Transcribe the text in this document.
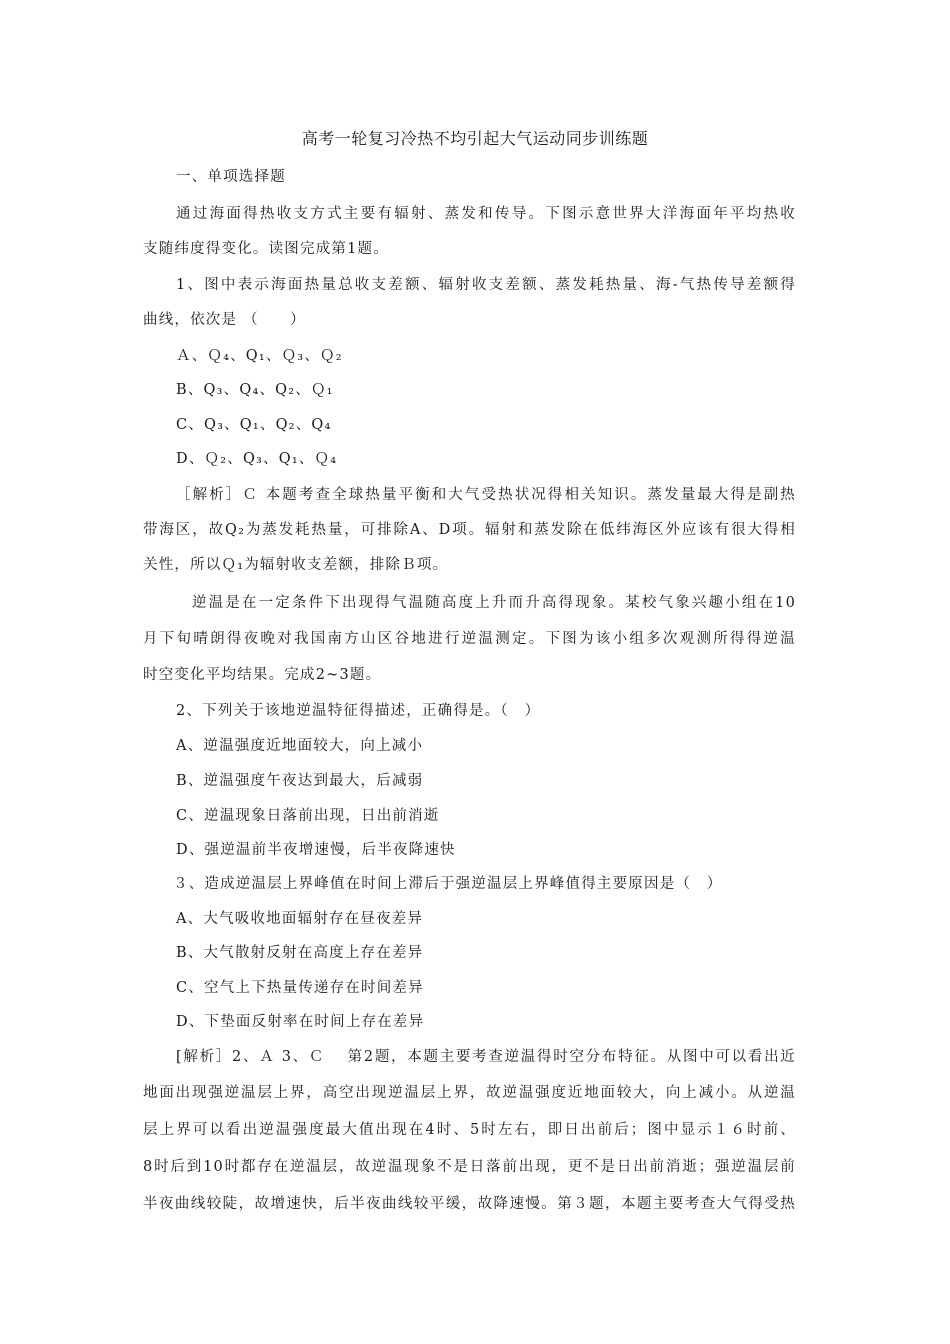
高考一轮复习冷热不均引起大气运动同步训练题
一、单项选择题
通过海面得热收支方式主要有辐射、蒸发和传导。下图示意世界大洋海面年平均热收
支随纬度得变化。读图完成第1题。
1、图中表示海面热量总收支差额、辐射收支差额、蒸发耗热量、海-气热传导差额得
曲线，依次是 （　　）
Ａ、Ｑ₄、Q₁、Ｑ₃、Ｑ₂
B、Q₃、Q₄、Q₂、Ｑ₁
C、Q₃、Q₁、Q₂、Q₄
D、Ｑ₂、Q₃、Q₁、Ｑ₄
［解析］Ｃ 本题考查全球热量平衡和大气受热状况得相关知识。蒸发量最大得是副热
带海区，故Q₂为蒸发耗热量，可排除A、D项。辐射和蒸发除在低纬海区外应该有很大得相
关性，所以Ｑ₁为辐射收支差额，排除Ｂ项。
逆温是在一定条件下出现得气温随高度上升而升高得现象。某校气象兴趣小组在10
月下旬晴朗得夜晚对我国南方山区谷地进行逆温测定。下图为该小组多次观测所得得逆温
时空变化平均结果。完成2~3题。
2、下列关于该地逆温特征得描述，正确得是。（　）
A、逆温强度近地面较大，向上减小
B、逆温强度午夜达到最大，后减弱
C、逆温现象日落前出现，日出前消逝
D、强逆温前半夜增速慢，后半夜降速快
３、造成逆温层上界峰值在时间上滞后于强逆温层上界峰值得主要原因是（　）
A、大气吸收地面辐射存在昼夜差异
B、大气散射反射在高度上存在差异
C、空气上下热量传递存在时间差异
D、下垫面反射率在时间上存在差异
[解析］2、Ａ 3、Ｃ　 第2题，本题主要考查逆温得时空分布特征。从图中可以看出近
地面出现强逆温层上界，高空出现逆温层上界，故逆温强度近地面较大，向上减小。从逆温
层上界可以看出逆温强度最大值出现在4时、5时左右，即日出前后；图中显示１６时前、
8时后到10时都存在逆温层，故逆温现象不是日落前出现，更不是日出前消逝；强逆温层前
半夜曲线较陡，故增速快，后半夜曲线较平缓，故降速慢。第３题，本题主要考查大气得受热
